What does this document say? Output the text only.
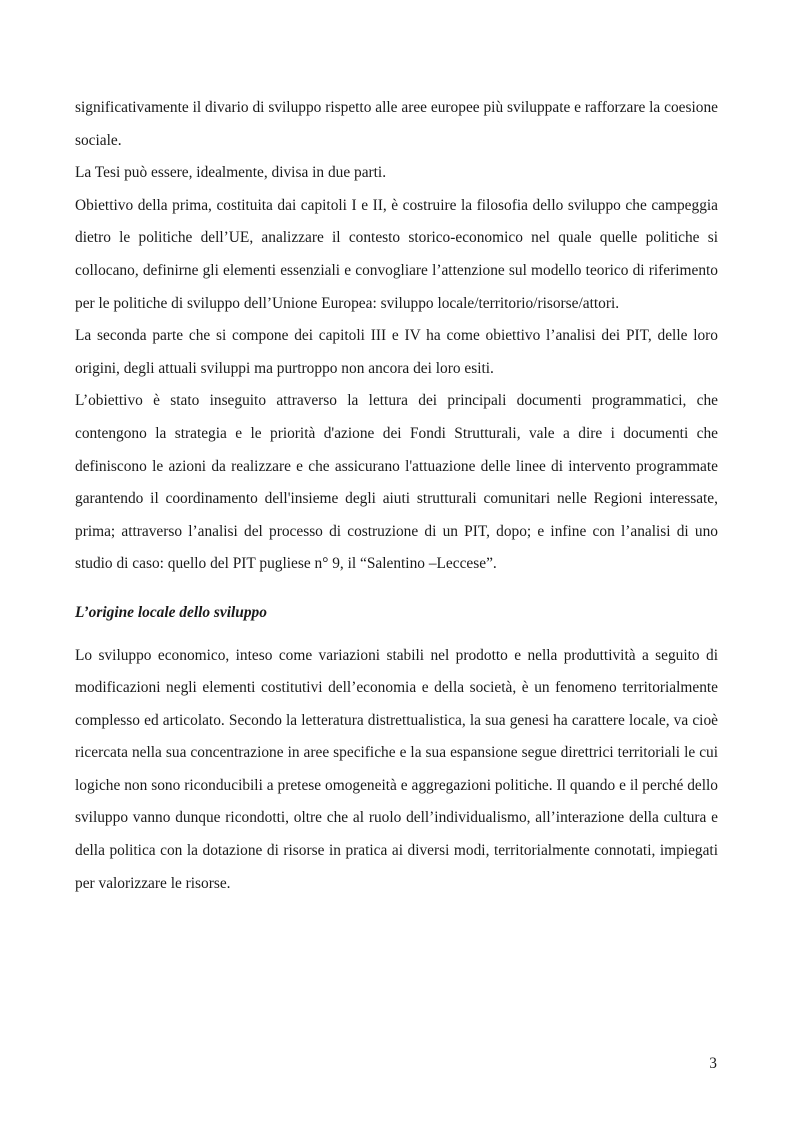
significativamente il divario di sviluppo rispetto alle aree europee più sviluppate e rafforzare la coesione sociale.

La Tesi può essere, idealmente, divisa in due parti.

Obiettivo della prima, costituita dai capitoli I e II, è costruire la filosofia dello sviluppo che campeggia dietro le politiche dell’UE, analizzare il contesto storico-economico nel quale quelle politiche si collocano, definirne gli elementi essenziali e convogliare l’attenzione sul modello teorico di riferimento per le politiche di sviluppo dell’Unione Europea: sviluppo locale/territorio/risorse/attori.

La seconda parte che si compone dei capitoli III e IV ha come obiettivo l’analisi dei PIT, delle loro origini, degli attuali sviluppi ma purtroppo non ancora dei loro esiti.

L’obiettivo è stato inseguito attraverso la lettura dei principali documenti programmatici, che contengono la strategia e le priorità d'azione dei Fondi Strutturali, vale a dire i documenti che definiscono le azioni da realizzare e che assicurano l'attuazione delle linee di intervento programmate garantendo il coordinamento dell'insieme degli aiuti strutturali comunitari nelle Regioni interessate, prima; attraverso l’analisi del processo di costruzione di un PIT, dopo; e infine con l’analisi di uno studio di caso: quello del PIT pugliese n° 9, il “Salentino –Leccese”.

L’origine locale dello sviluppo

Lo sviluppo economico, inteso come variazioni stabili nel prodotto e nella produttività a seguito di modificazioni negli elementi costitutivi dell’economia e della società, è un fenomeno territorialmente complesso ed articolato. Secondo la letteratura distrettualistica, la sua genesi ha carattere locale, va cioè ricercata nella sua concentrazione in aree specifiche e la sua espansione segue direttrici territoriali le cui logiche non sono riconducibili a pretese omogeneità e aggregazioni politiche. Il quando e il perché dello sviluppo vanno dunque ricondotti, oltre che al ruolo dell’individualismo, all’interazione della cultura e della politica con la dotazione di risorse in pratica ai diversi modi, territorialmente connotati, impiegati per valorizzare le risorse.

3
